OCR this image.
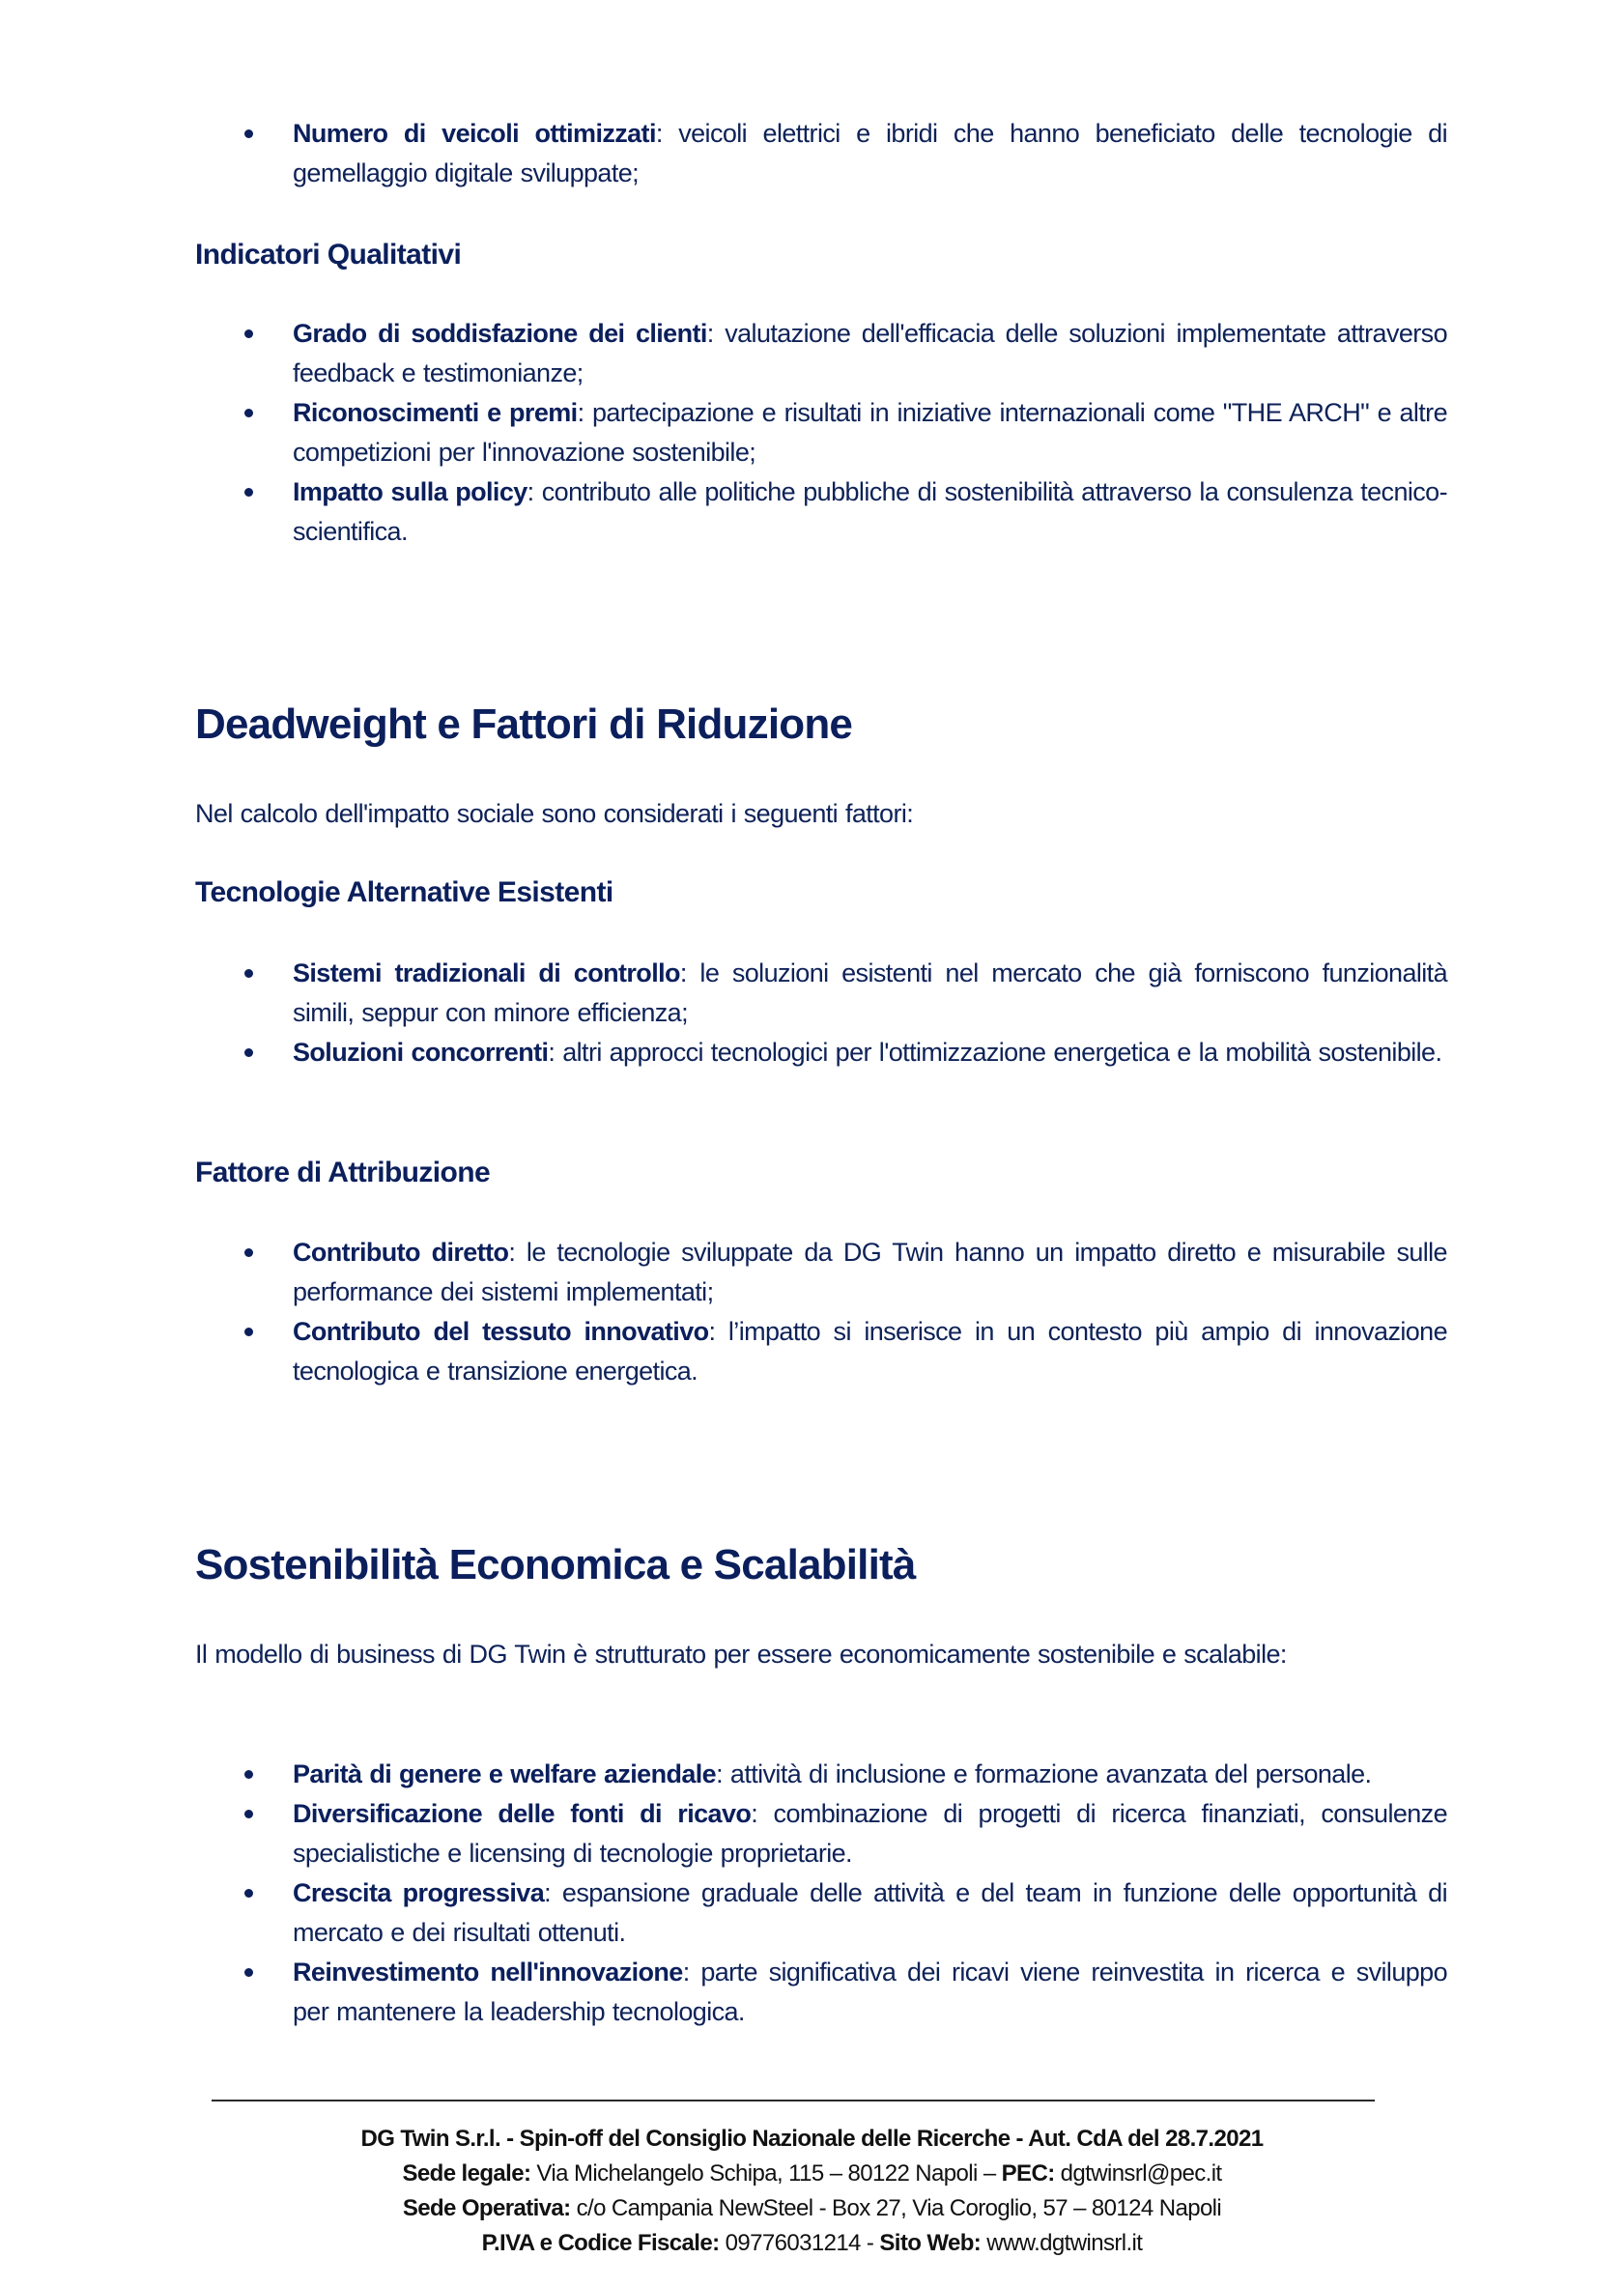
Numero di veicoli ottimizzati: veicoli elettrici e ibridi che hanno beneficiato delle tecnologie di gemellaggio digitale sviluppate;
Indicatori Qualitativi
Grado di soddisfazione dei clienti: valutazione dell'efficacia delle soluzioni implementate attraverso feedback e testimonianze;
Riconoscimenti e premi: partecipazione e risultati in iniziative internazionali come "THE ARCH" e altre competizioni per l'innovazione sostenibile;
Impatto sulla policy: contributo alle politiche pubbliche di sostenibilità attraverso la consulenza tecnico-scientifica.
Deadweight e Fattori di Riduzione
Nel calcolo dell'impatto sociale sono considerati i seguenti fattori:
Tecnologie Alternative Esistenti
Sistemi tradizionali di controllo: le soluzioni esistenti nel mercato che già forniscono funzionalità simili, seppur con minore efficienza;
Soluzioni concorrenti: altri approcci tecnologici per l'ottimizzazione energetica e la mobilità sostenibile.
Fattore di Attribuzione
Contributo diretto: le tecnologie sviluppate da DG Twin hanno un impatto diretto e misurabile sulle performance dei sistemi implementati;
Contributo del tessuto innovativo: l’impatto si inserisce in un contesto più ampio di innovazione tecnologica e transizione energetica.
Sostenibilità Economica e Scalabilità
Il modello di business di DG Twin è strutturato per essere economicamente sostenibile e scalabile:
Parità di genere e welfare aziendale: attività di inclusione e formazione avanzata del personale.
Diversificazione delle fonti di ricavo: combinazione di progetti di ricerca finanziati, consulenze specialistiche e licensing di tecnologie proprietarie.
Crescita progressiva: espansione graduale delle attività e del team in funzione delle opportunità di mercato e dei risultati ottenuti.
Reinvestimento nell'innovazione: parte significativa dei ricavi viene reinvestita in ricerca e sviluppo per mantenere la leadership tecnologica.
DG Twin S.r.l. - Spin-off del Consiglio Nazionale delle Ricerche - Aut. CdA del 28.7.2021
Sede legale: Via Michelangelo Schipa, 115 – 80122 Napoli – PEC: dgtwinsrl@pec.it
Sede Operativa: c/o Campania NewSteel - Box 27, Via Coroglio, 57 – 80124 Napoli
P.IVA e Codice Fiscale: 09776031214 - Sito Web: www.dgtwinsrl.it
